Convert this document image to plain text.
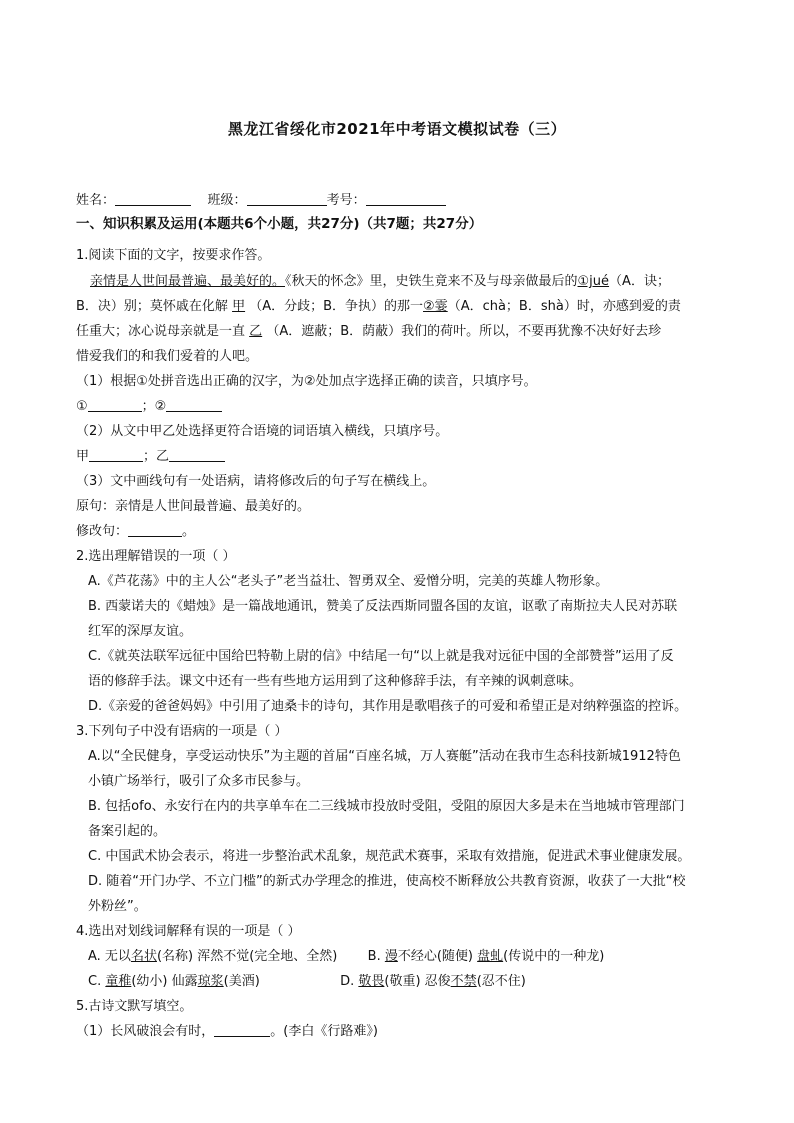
黑龙江省绥化市2021年中考语文模拟试卷（三）
姓名：	班级：	考号：
一、知识积累及运用(本题共6个小题，共27分)（共7题；共27分）
1.阅读下面的文字，按要求作答。
亲情是人世间最普遍、最美好的。《秋天的怀念》里，史铁生竟来不及与母亲做最后的①jué（A．诀；
B．决）别；莫怀戚在化解 甲 （A．分歧；B．争执）的那一②霎（A．chà；B．shà）时，亦感到爱的责
任重大；冰心说母亲就是一直 乙 （A．遮蔽；B．荫蔽）我们的荷叶。所以，不要再犹豫不决好好去珍
惜爱我们的和我们爱着的人吧。
（1）根据①处拼音选出正确的汉字，为②处加点字选择正确的读音，只填序号。
①	；②
（2）从文中甲乙处选择更符合语境的词语填入横线，只填序号。
甲	；乙
（3）文中画线句有一处语病，请将修改后的句子写在横线上。
原句：亲情是人世间最普遍、最美好的。
修改句：	。
2.选出理解错误的一项（ ）
A.《芦花荡》中的主人公“老头子”老当益壮、智勇双全、爱憎分明，完美的英雄人物形象。
B. 西蒙诺夫的《蜡烛》是一篇战地通讯，赞美了反法西斯同盟各国的友谊，讴歌了南斯拉夫人民对苏联
红军的深厚友谊。
C.《就英法联军远征中国给巴特勒上尉的信》中结尾一句“以上就是我对远征中国的全部赞誉”运用了反
语的修辞手法。课文中还有一些有些地方运用到了这种修辞手法，有辛辣的讽刺意味。
D.《亲爱的爸爸妈妈》中引用了迪桑卡的诗句，其作用是歌唱孩子的可爱和希望正是对纳粹强盗的控诉。
3.下列句子中没有语病的一项是（ ）
A.以“全民健身，享受运动快乐”为主题的首届“百座名城，万人赛艇”活动在我市生态科技新城1912特色
小镇广场举行，吸引了众多市民参与。
B. 包括ofo、永安行在内的共享单车在二三线城市投放时受阻，受阻的原因大多是未在当地城市管理部门
备案引起的。
C. 中国武术协会表示，将进一步整治武术乱象，规范武术赛事，采取有效措施，促进武术事业健康发展。
D. 随着“开门办学、不立门槛”的新式办学理念的推进，使高校不断释放公共教育资源，收获了一大批“校
外粉丝”。
4.选出对划线词解释有误的一项是（ ）
A. 无以名状(名称) 浑然不觉(完全地、全然) B. 漫不经心(随便) 盘虬(传说中的一种龙)
C. 童稚(幼小) 仙露琼浆(美酒)	D. 敬畏(敬重) 忍俊不禁(忍不住)
5.古诗文默写填空。
（1）长风破浪会有时，	。(李白《行路难》)
